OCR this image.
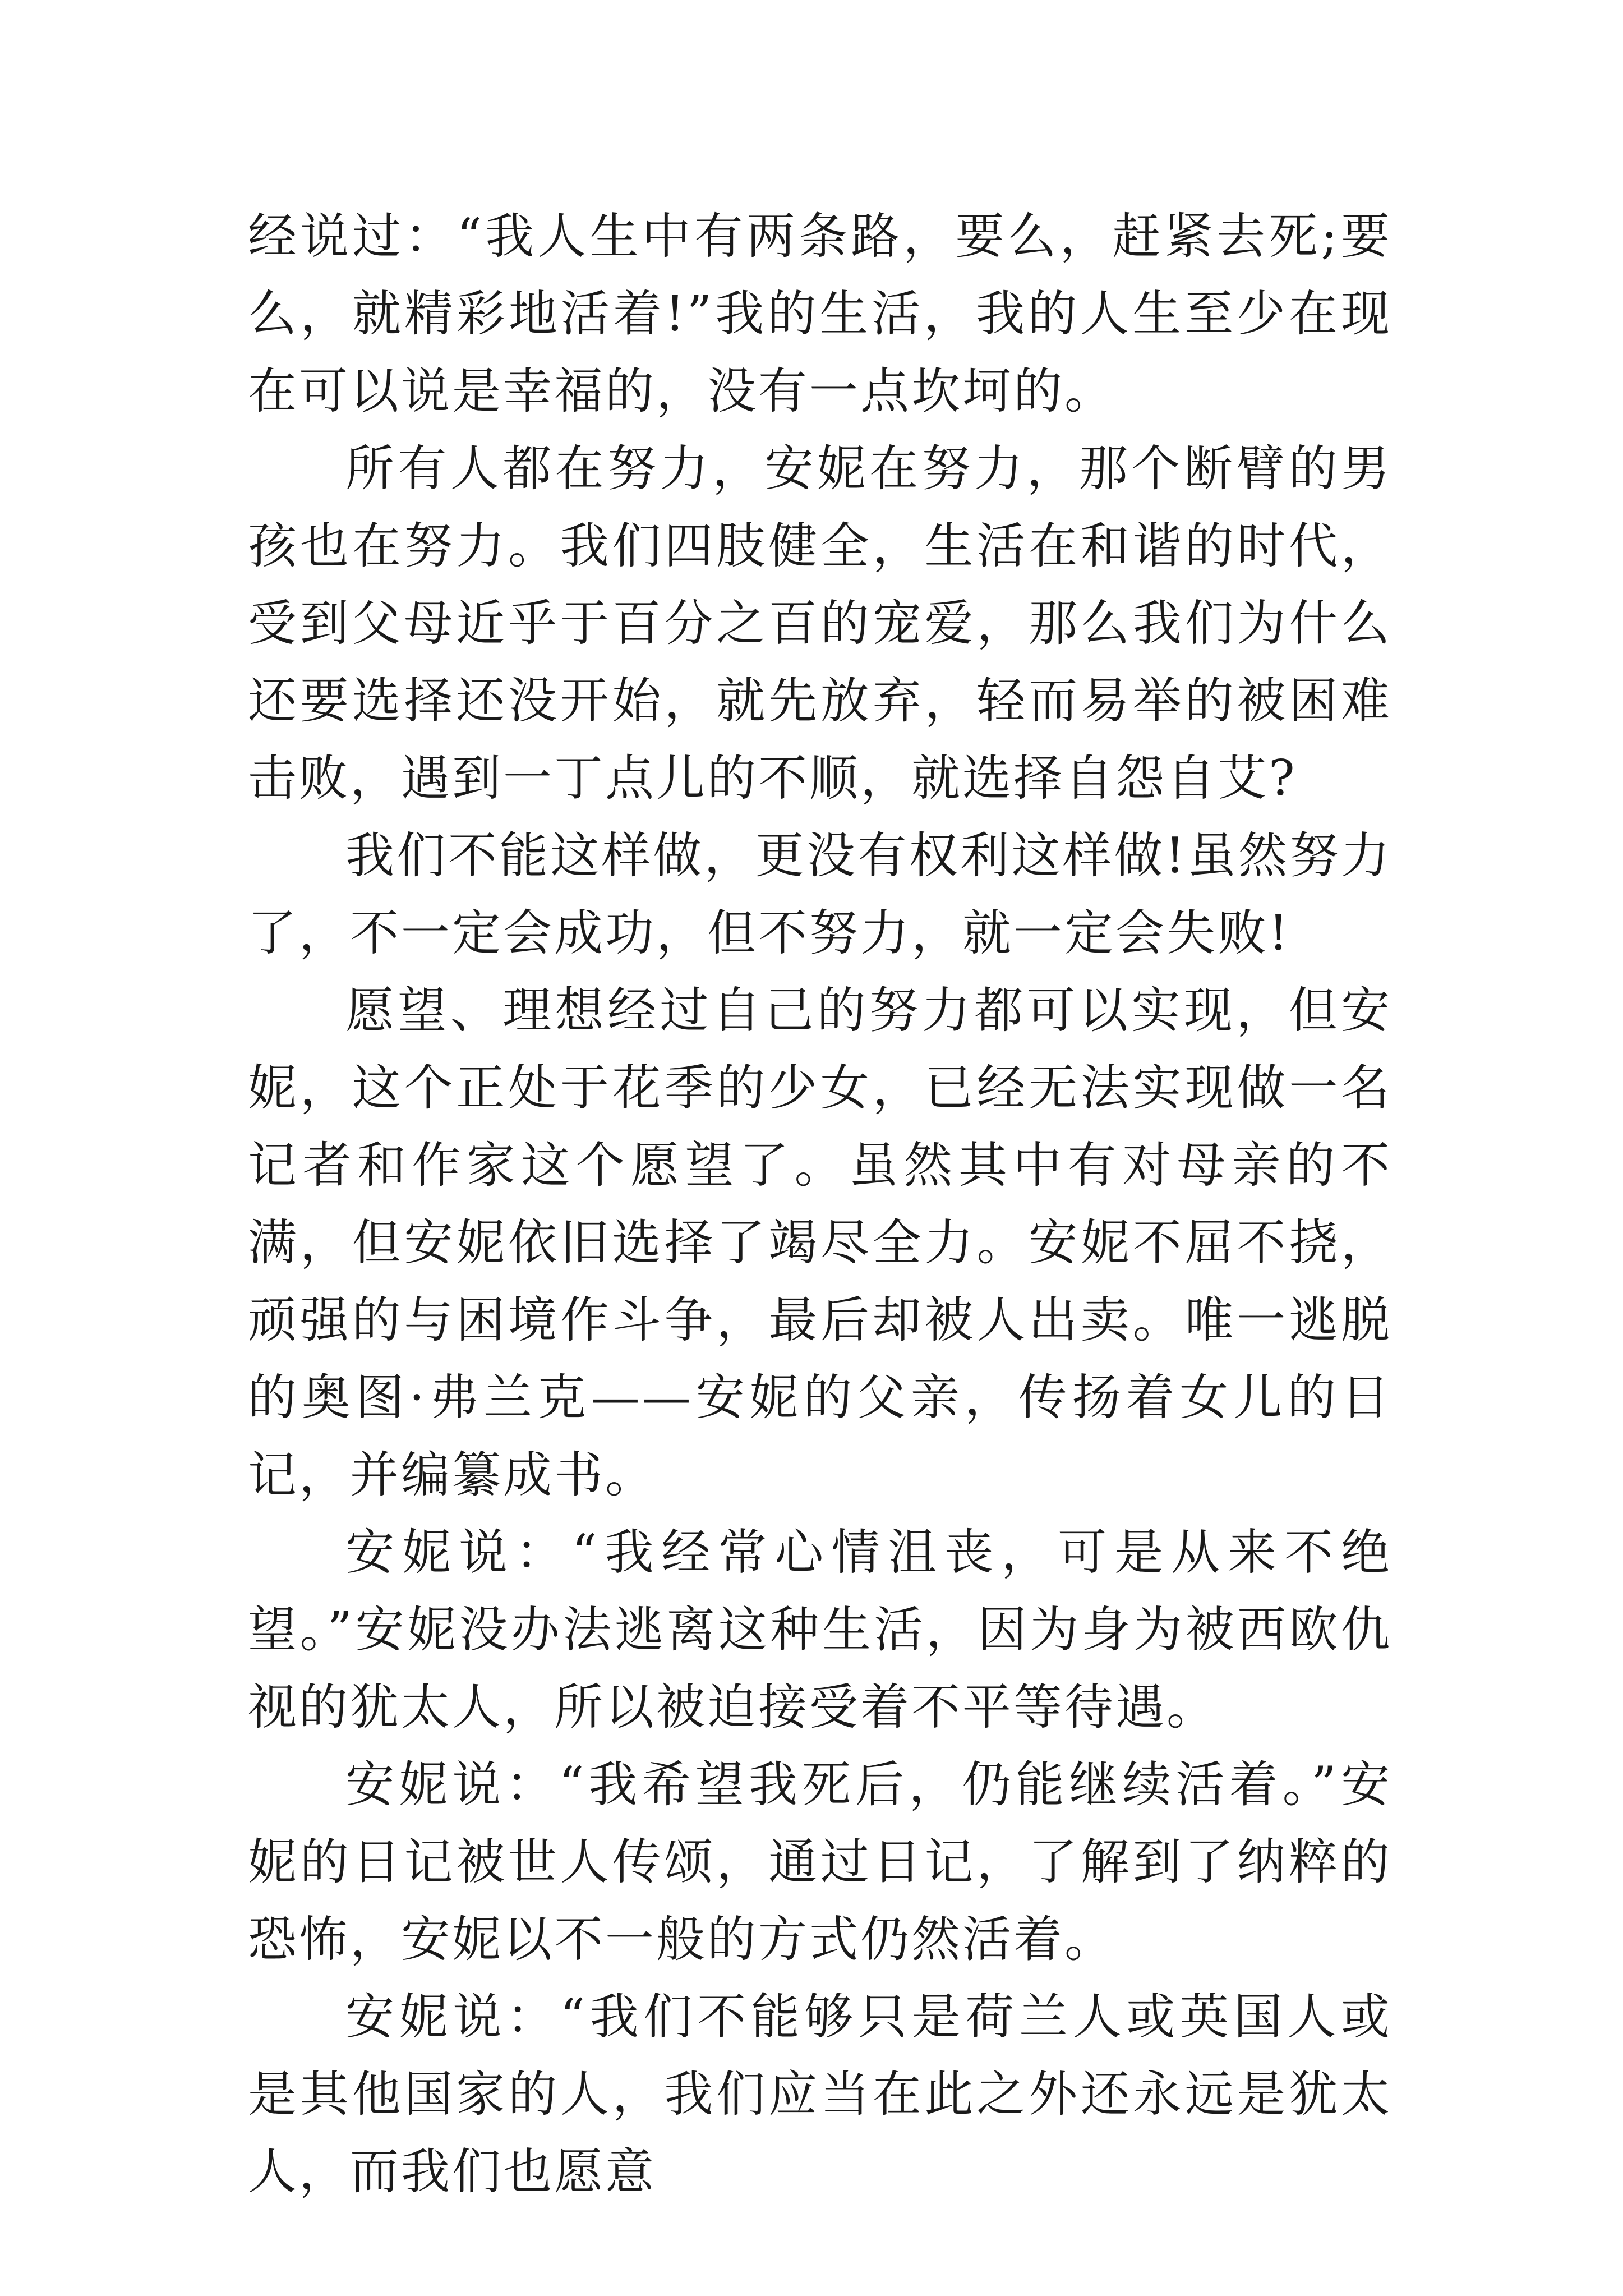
经说过：“我人生中有两条路，要么，赶紧去死;要么，就精彩地活着!”我的生活，我的人生至少在现在可以说是幸福的，没有一点坎坷的。

所有人都在努力，安妮在努力，那个断臂的男孩也在努力。我们四肢健全，生活在和谐的时代，受到父母近乎于百分之百的宠爱，那么我们为什么还要选择还没开始，就先放弃，轻而易举的被困难击败，遇到一丁点儿的不顺，就选择自怨自艾?

我们不能这样做，更没有权利这样做!虽然努力了，不一定会成功，但不努力，就一定会失败!

愿望、理想经过自己的努力都可以实现，但安妮，这个正处于花季的少女，已经无法实现做一名记者和作家这个愿望了。虽然其中有对母亲的不满，但安妮依旧选择了竭尽全力。安妮不屈不挠，顽强的与困境作斗争，最后却被人出卖。唯一逃脱的奥图·弗兰克——安妮的父亲，传扬着女儿的日记，并编纂成书。

安妮说：“我经常心情沮丧，可是从来不绝望。”安妮没办法逃离这种生活，因为身为被西欧仇视的犹太人，所以被迫接受着不平等待遇。

安妮说：“我希望我死后，仍能继续活着。”安妮的日记被世人传颂，通过日记，了解到了纳粹的恐怖，安妮以不一般的方式仍然活着。

安妮说：“我们不能够只是荷兰人或英国人或是其他国家的人，我们应当在此之外还永远是犹太人，而我们也愿意
